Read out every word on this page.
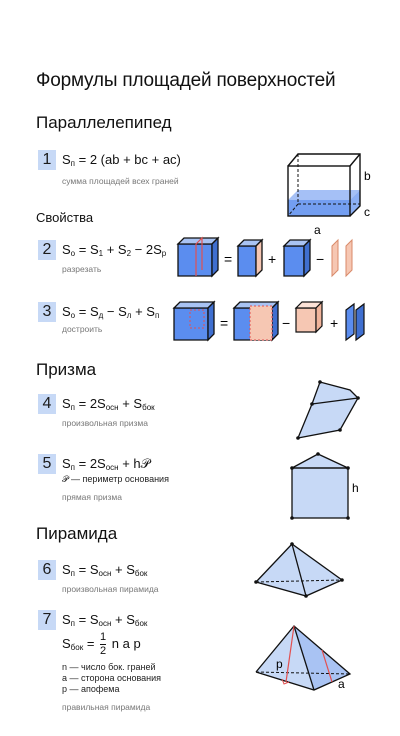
Формулы площадей поверхностей
Параллелепипед
1 $S_п = 2$ (ab + bc + ac)
сумма площадей всех граней
a
b
c
Свойства
2 $S_о = S_1 + S_2 - 2S_р$
разрезать
=	+	−
3 $S_о = S_д - S_л + S_п$
достроить	=	−	+
Призма
4 $S_п = 2S_{осн} + S_{бок}$
произвольная призма
5 $S_п = 2S_{осн}$ + h𝒫
𝒫 — периметр основания
прямая призма
h
Пирамида
6 $S_п = S_{осн} + S_{бок}$
произвольная пирамида
7 $S_п = S_{осн} + S_{бок}$
$S_{бок} = \frac{1}{2}$ n a p
n — число бок. граней
a — сторона основания
p — апофема
правильная пирамида
p
a
